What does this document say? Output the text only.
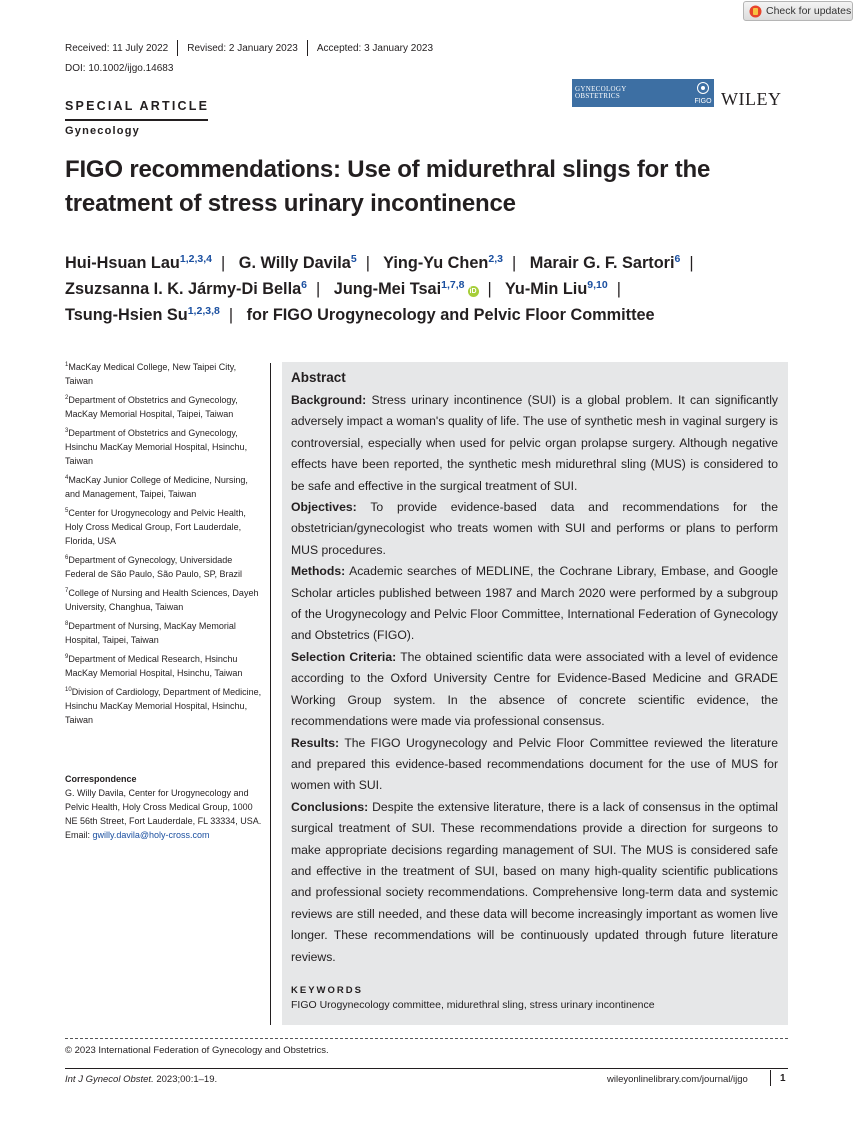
Check for updates
Received: 11 July 2022 Revised: 2 January 2023 Accepted: 3 January 2023
DOI: 10.1002/ijgo.14683
GYNECOLOGY
OBSTETRICS
FIGO WILEY
SPECIAL ARTICLE
Gynecology
FIGO recommendations: Use of midurethral slings for the treatment of stress urinary incontinence
Hui-Hsuan Lau$^{1,2,3,4}$ | G. Willy Davila$^5$ | Ying-Yu Chen$^{2,3}$ | Marair G. F. Sartori$^6$ |
Zsuzsanna I. K. Jármy-Di Bella$^6$ | Jung-Mei Tsai$^{1,7,8}$iD | Yu-Min Liu$^{9,10}$ |
Tsung-Hsien Su$^{1,2,3,8}$ | for FIGO Urogynecology and Pelvic Floor Committee
$^1$MacKay Medical College, New Taipei City, Taiwan
$^2$Department of Obstetrics and Gynecology, MacKay Memorial Hospital, Taipei, Taiwan
$^3$Department of Obstetrics and Gynecology, Hsinchu MacKay Memorial Hospital, Hsinchu, Taiwan
$^4$MacKay Junior College of Medicine, Nursing, and Management, Taipei, Taiwan
$^5$Center for Urogynecology and Pelvic Health, Holy Cross Medical Group, Fort Lauderdale, Florida, USA
$^6$Department of Gynecology, Universidade Federal de São Paulo, São Paulo, SP, Brazil
$^7$College of Nursing and Health Sciences, Dayeh University, Changhua, Taiwan
$^8$Department of Nursing, MacKay Memorial Hospital, Taipei, Taiwan
$^9$Department of Medical Research, Hsinchu MacKay Memorial Hospital, Hsinchu, Taiwan
$^{10}$Division of Cardiology, Department of Medicine, Hsinchu MacKay Memorial Hospital, Hsinchu, Taiwan
Correspondence
G. Willy Davila, Center for Urogynecology and Pelvic Health, Holy Cross Medical Group, 1000 NE 56th Street, Fort Lauderdale, FL 33334, USA.
Email: gwilly.davila@holy-cross.com
Abstract
Background: Stress urinary incontinence (SUI) is a global problem. It can significantly adversely impact a woman's quality of life. The use of synthetic mesh in vaginal surgery is controversial, especially when used for pelvic organ prolapse surgery. Although negative effects have been reported, the synthetic mesh midurethral sling (MUS) is considered to be safe and effective in the surgical treatment of SUI.
Objectives: To provide evidence-based data and recommendations for the obstetrician/gynecologist who treats women with SUI and performs or plans to perform MUS procedures.
Methods: Academic searches of MEDLINE, the Cochrane Library, Embase, and Google Scholar articles published between 1987 and March 2020 were performed by a subgroup of the Urogynecology and Pelvic Floor Committee, International Federation of Gynecology and Obstetrics (FIGO).
Selection Criteria: The obtained scientific data were associated with a level of evidence according to the Oxford University Centre for Evidence-Based Medicine and GRADE Working Group system. In the absence of concrete scientific evidence, the recommendations were made via professional consensus.
Results: The FIGO Urogynecology and Pelvic Floor Committee reviewed the literature and prepared this evidence-based recommendations document for the use of MUS for women with SUI.
Conclusions: Despite the extensive literature, there is a lack of consensus in the optimal surgical treatment of SUI. These recommendations provide a direction for surgeons to make appropriate decisions regarding management of SUI. The MUS is considered safe and effective in the treatment of SUI, based on many high-quality scientific publications and professional society recommendations. Comprehensive long-term data and systemic reviews are still needed, and these data will become increasingly important as women live longer. These recommendations will be continuously updated through future literature reviews.
KEYWORDS
FIGO Urogynecology committee, midurethral sling, stress urinary incontinence
© 2023 International Federation of Gynecology and Obstetrics.
Int J Gynecol Obstet. 2023;00:1–19.	wileyonlinelibrary.com/journal/ijgo	1
